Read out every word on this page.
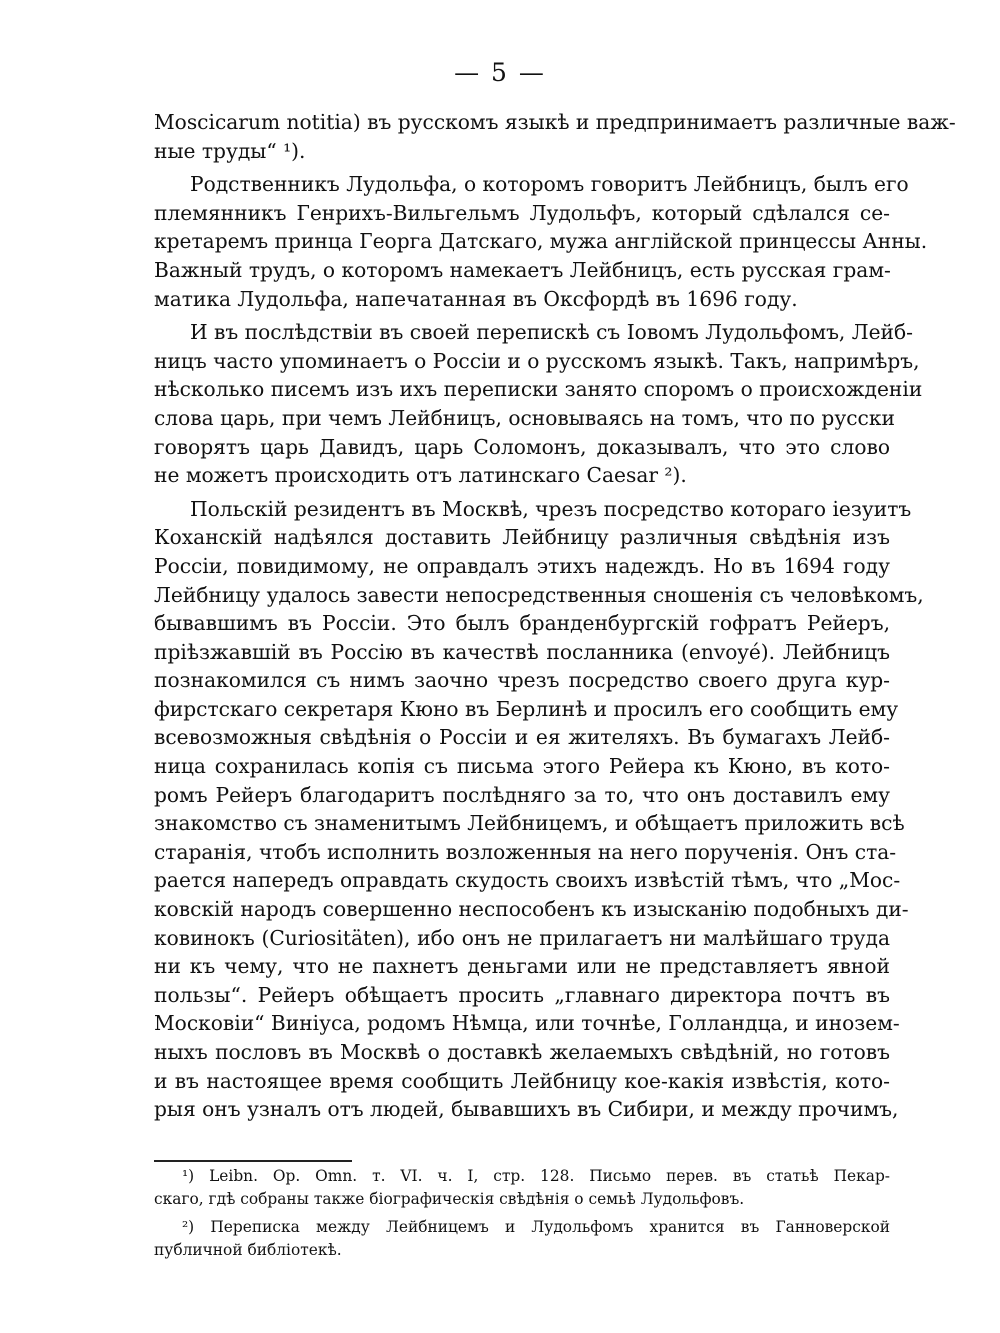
— 5 —
Moscicarum notitia) въ русскомъ языкѣ и предпринимаетъ различные важ-
ные труды“ ¹).
Родственникъ Лудольфа, о которомъ говоритъ Лейбницъ, былъ его
племянникъ Генрихъ-Вильгельмъ Лудольфъ, который сдѣлался се-
кретаремъ принца Георга Датскаго, мужа англійской принцессы Анны.
Важный трудъ, о которомъ намекаетъ Лейбницъ, есть русская грам-
матика Лудольфа, напечатанная въ Оксфордѣ въ 1696 году.
И въ послѣдствіи въ своей перепискѣ съ Іовомъ Лудольфомъ, Лейб-
ницъ часто упоминаетъ о Россіи и о русскомъ языкѣ. Такъ, напримѣръ,
нѣсколько писемъ изъ ихъ переписки занято споромъ о происхожденіи
слова царь, при чемъ Лейбницъ, основываясь на томъ, что по русски
говорятъ царь Давидъ, царь Соломонъ, доказывалъ, что это слово
не можетъ происходить отъ латинскаго Caesar ²).
Польскій резидентъ въ Москвѣ, чрезъ посредство котораго іезуитъ
Коханскій надѣялся доставить Лейбницу различныя свѣдѣнія изъ
Россіи, повидимому, не оправдалъ этихъ надеждъ. Но въ 1694 году
Лейбницу удалось завести непосредственныя сношенія съ человѣкомъ,
бывавшимъ въ Россіи. Это былъ бранденбургскій гофратъ Рейеръ,
пріѣзжавшій въ Россію въ качествѣ посланника (envoyé). Лейбницъ
познакомился съ нимъ заочно чрезъ посредство своего друга кур-
фирстскаго секретаря Кюно въ Берлинѣ и просилъ его сообщить ему
всевозможныя свѣдѣнія о Россіи и ея жителяхъ. Въ бумагахъ Лейб-
ница сохранилась копія съ письма этого Рейера къ Кюно, въ кото-
ромъ Рейеръ благодаритъ послѣдняго за то, что онъ доставилъ ему
знакомство съ знаменитымъ Лейбницемъ, и обѣщаетъ приложить всѣ
старанія, чтобъ исполнить возложенныя на него порученія. Онъ ста-
рается напередъ оправдать скудость своихъ извѣстій тѣмъ, что „Мос-
ковскій народъ совершенно неспособенъ къ изысканію подобныхъ ди-
ковинокъ (Curiositäten), ибо онъ не прилагаетъ ни малѣйшаго труда
ни къ чему, что не пахнетъ деньгами или не представляетъ явной
пользы“. Рейеръ обѣщаетъ просить „главнаго директора почтъ въ
Московіи“ Виніуса, родомъ Нѣмца, или точнѣе, Голландца, и инозем-
ныхъ пословъ въ Москвѣ о доставкѣ желаемыхъ свѣдѣній, но готовъ
и въ настоящее время сообщить Лейбницу кое-какія извѣстія, кото-
рыя онъ узналъ отъ людей, бывавшихъ въ Сибири, и между прочимъ,
¹) Leibn. Op. Omn. т. VI. ч. I, стр. 128. Письмо перев. въ статьѣ Пекар-
скаго, гдѣ собраны также біографическія свѣдѣнія о семьѣ Лудольфовъ.
²) Переписка между Лейбницемъ и Лудольфомъ хранится въ Ганноверской
публичной библіотекѣ.
